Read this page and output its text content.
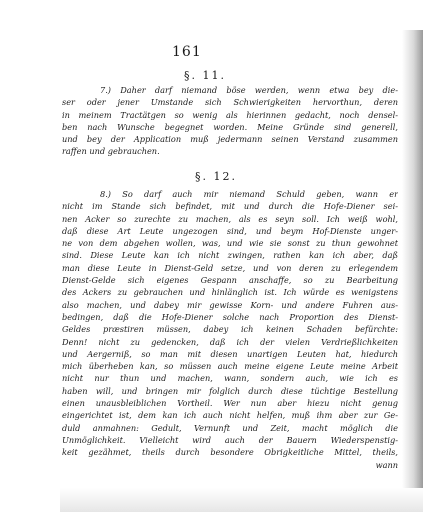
161
§. 11.
7.) Daher darf niemand böse werden, wenn etwa bey die-
ser oder jener Umstande sich Schwierigkeiten hervorthun, deren
in meinem Tractätgen so wenig als hierinnen gedacht, noch densel-
ben nach Wunsche begegnet worden. Meine Gründe sind generell,
und bey der Application muß jedermann seinen Verstand zusammen
raffen und gebrauchen.
§. 12.
8.) So darf auch mir niemand Schuld geben, wann er
nicht im Stande sich befindet, mit und durch die Hofe-Diener sei-
nen Acker so zurechte zu machen, als es seyn soll. Ich weiß wohl,
daß diese Art Leute ungezogen sind, und beym Hof-Dienste unger-
ne von dem abgehen wollen, was, und wie sie sonst zu thun gewohnet
sind. Diese Leute kan ich nicht zwingen, rathen kan ich aber, daß
man diese Leute in Dienst-Geld setze, und von deren zu erlegendem
Dienst-Gelde sich eigenes Gespann anschaffe, so zu Bearbeitung
des Ackers zu gebrauchen und hinlänglich ist. Ich würde es wenigstens
also machen, und dabey mir gewisse Korn- und andere Fuhren aus-
bedingen, daß die Hofe-Diener solche nach Proportion des Dienst-
Geldes præstiren müssen, dabey ich keinen Schaden befürchte:
Denn! nicht zu gedencken, daß ich der vielen Verdrießlichkeiten
und Aergerniß, so man mit diesen unartigen Leuten hat, hiedurch
mich überheben kan, so müssen auch meine eigene Leute meine Arbeit
nicht nur thun und machen, wann, sondern auch, wie ich es
haben will, und bringen mir folglich durch diese tüchtige Bestellung
einen unausbleiblichen Vortheil. Wer nun aber hiezu nicht genug
eingerichtet ist, dem kan ich auch nicht helfen, muß ihm aber zur Ge-
duld anmahnen: Gedult, Vernunft und Zeit, macht möglich die
Unmöglichkeit. Vielleicht wird auch der Bauern Wiederspenstig-
keit gezähmet, theils durch besondere Obrigkeitliche Mittel, theils,
wann
